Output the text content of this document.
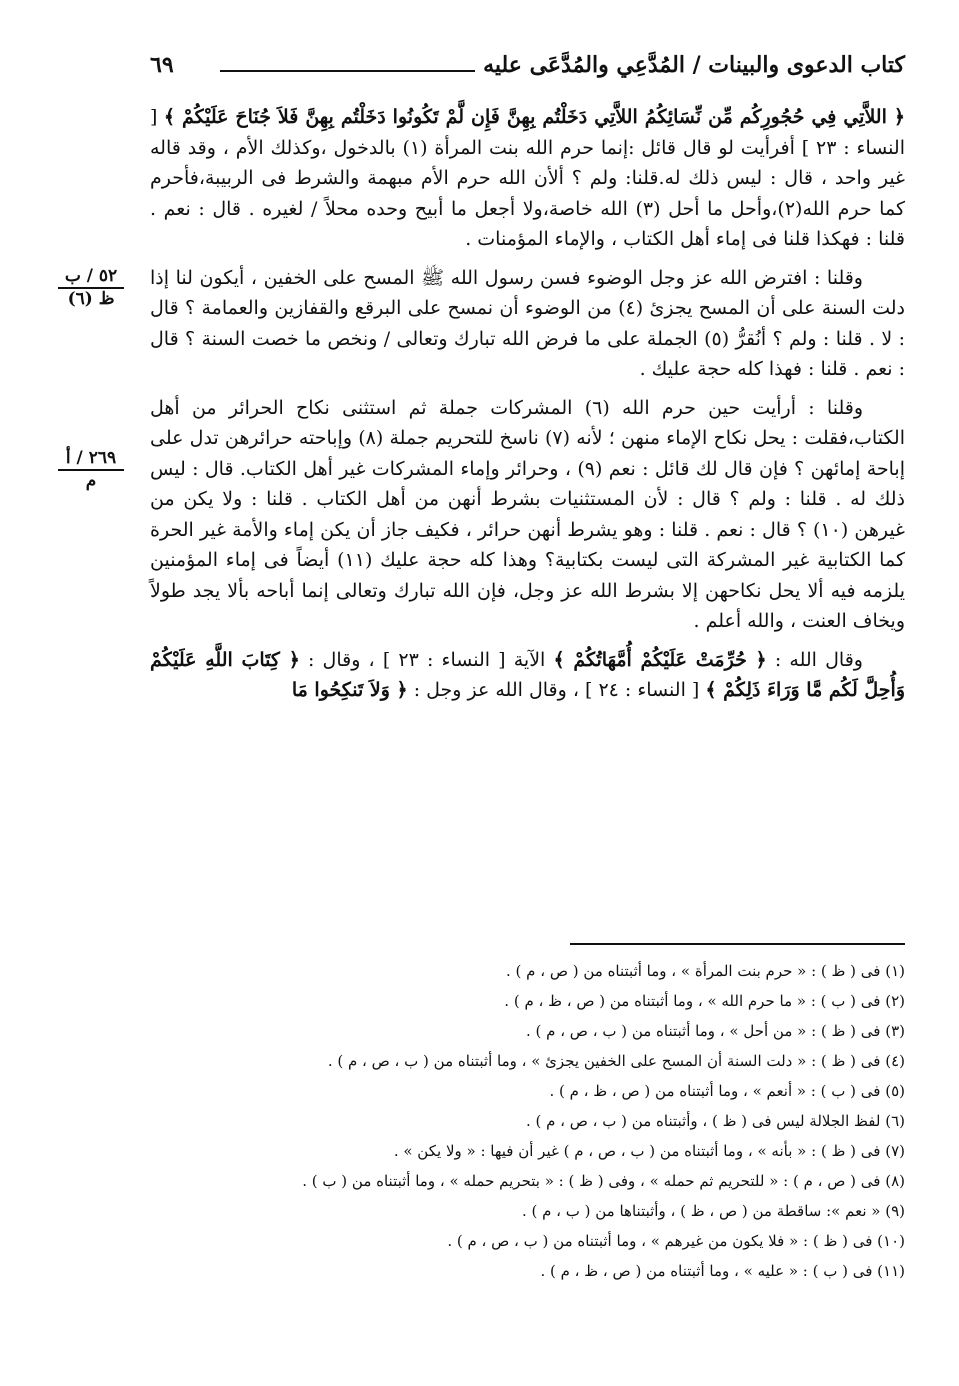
كتاب الدعوى والبينات / المُدَّعِي والمُدَّعَى عليه
٦٩
٥٢ / ب
ظ (٦)
٢٦٩ / أ
م

﴿ اللاَّتِي فِي حُجُورِكُم مِّن نِّسَائِكُمُ اللاَّتِي دَخَلْتُم بِهِنَّ فَإِن لَّمْ تَكُونُوا دَخَلْتُم بِهِنَّ فَلاَ جُنَاحَ عَلَيْكُمْ ﴾ [ النساء : ٢٣ ] أفرأيت لو قال قائل :إنما حرم الله بنت المرأة (١) بالدخول ،وكذلك الأم ، وقد قاله غير واحد ، قال : ليس ذلك له.قلنا: ولم ؟ ألأن الله حرم الأم مبهمة والشرط فى الربيبة،فأحرم كما حرم الله(٢)،وأحل ما أحل (٣) الله خاصة،ولا أجعل ما أبيح وحده محلاً / لغيره . قال : نعم . قلنا : فهكذا قلنا فى إماء أهل الكتاب ، والإماء المؤمنات .

وقلنا : افترض الله عز وجل الوضوء فسن رسول الله ﷺ المسح على الخفين ، أيكون لنا إذا دلت السنة على أن المسح يجزئ (٤) من الوضوء أن نمسح على البرقع والقفازين والعمامة ؟ قال : لا . قلنا : ولم ؟ أنُقرُّ (٥) الجملة على ما فرض الله تبارك وتعالى / ونخص ما خصت السنة ؟ قال : نعم . قلنا : فهذا كله حجة عليك .

وقلنا : أرأيت حين حرم الله (٦) المشركات جملة ثم استثنى نكاح الحرائر من أهل الكتاب،فقلت : يحل نكاح الإماء منهن ؛ لأنه (٧) ناسخ للتحريم جملة (٨) وإباحته حرائرهن تدل على إباحة إمائهن ؟ فإن قال لك قائل : نعم (٩) ، وحرائر وإماء المشركات غير أهل الكتاب. قال : ليس ذلك له . قلنا : ولم ؟ قال : لأن المستثنيات بشرط أنهن من أهل الكتاب . قلنا : ولا يكن من غيرهن (١٠) ؟ قال : نعم . قلنا : وهو يشرط أنهن حرائر ، فكيف جاز أن يكن إماء والأمة غير الحرة كما الكتابية غير المشركة التى ليست بكتابية؟ وهذا كله حجة عليك (١١) أيضاً فى إماء المؤمنين يلزمه فيه ألا يحل نكاحهن إلا بشرط الله عز وجل، فإن الله تبارك وتعالى إنما أباحه بألا يجد طولاً ويخاف العنت ، والله أعلم .

وقال الله : ﴿ حُرِّمَتْ عَلَيْكُمْ أُمَّهَاتُكُمْ ﴾ الآية [ النساء : ٢٣ ] ، وقال : ﴿ كِتَابَ اللَّهِ عَلَيْكُمْ وَأُحِلَّ لَكُم مَّا وَرَاءَ ذَلِكُمْ ﴾ [ النساء : ٢٤ ] ، وقال الله عز وجل : ﴿ وَلاَ تَنكِحُوا مَا

(١) فى ( ظ ) : « حرم بنت المرأة » ، وما أثبتناه من ( ص ، م ) .
(٢) فى ( ب ) : « ما حرم الله » ، وما أثبتناه من ( ص ، ظ ، م ) .
(٣) فى ( ظ ) : « من أحل » ، وما أثبتناه من ( ب ، ص ، م ) .
(٤) فى ( ظ ) : « دلت السنة أن المسح على الخفين يجزئ » ، وما أثبتناه من ( ب ، ص ، م ) .
(٥) فى ( ب ) : « أنعم » ، وما أثبتناه من ( ص ، ظ ، م ) .
(٦) لفظ الجلالة ليس فى ( ظ ) ، وأثبتناه من ( ب ، ص ، م ) .
(٧) فى ( ظ ) : « بأنه » ، وما أثبتناه من ( ب ، ص ، م ) غير أن فيها : « ولا يكن » .
(٨) فى ( ص ، م ) : « للتحريم ثم حمله » ، وفى ( ظ ) : « بتحريم حمله » ، وما أثبتناه من ( ب ) .
(٩) « نعم »: ساقطة من ( ص ، ظ ) ، وأثبتناها من ( ب ، م ) .
(١٠) فى ( ظ ) : « فلا يكون من غيرهم » ، وما أثبتناه من ( ب ، ص ، م ) .
(١١) فى ( ب ) : « عليه » ، وما أثبتناه من ( ص ، ظ ، م ) .
